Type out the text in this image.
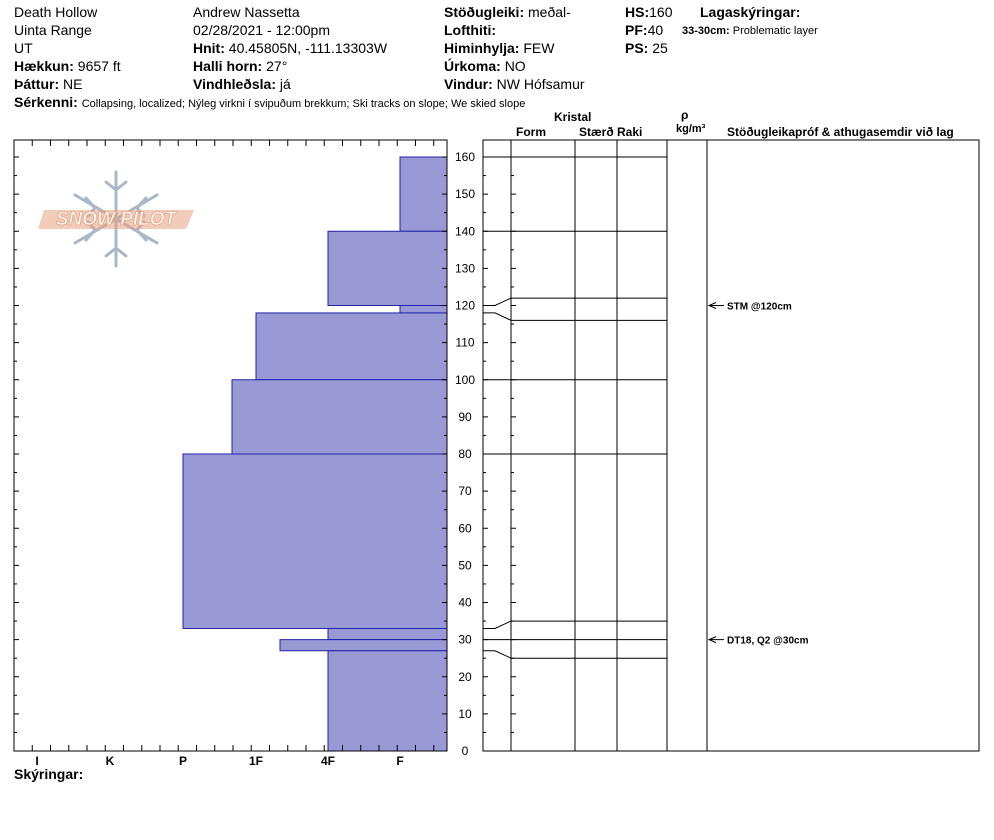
Death Hollow
Uinta Range
UT
Hækkun: 9657 ft
Þáttur: NE
Andrew Nassetta
02/28/2021 - 12:00pm
Hnit: 40.45805N, -111.13303W
Halli horn: 27°
Vindhleðsla: já
Stöðugleiki: meðal-
Lofthiti:
Himinhylja: FEW
Úrkoma: NO
Vindur: NW Hófsamur
HS:160
PF:40
PS: 25
Lagaskýringar:
33-30cm: Problematic layer
Sérkenni: Collapsing, localized; Nýleg virkni í svipuðum brekkum; Ski tracks on slope; We skied slope
Kristal
Form	Stærð Raki
ρ
kg/m³ Stöðugleikapróf & athugasemdir við lag
Skýringar:
SNOW PILOT
0
10
20
30
40
50
60
70
80
90
100
110
120
130
140
150
160
I	K	P	1F	4F	F
STM @120cm
DT18, Q2 @30cm
